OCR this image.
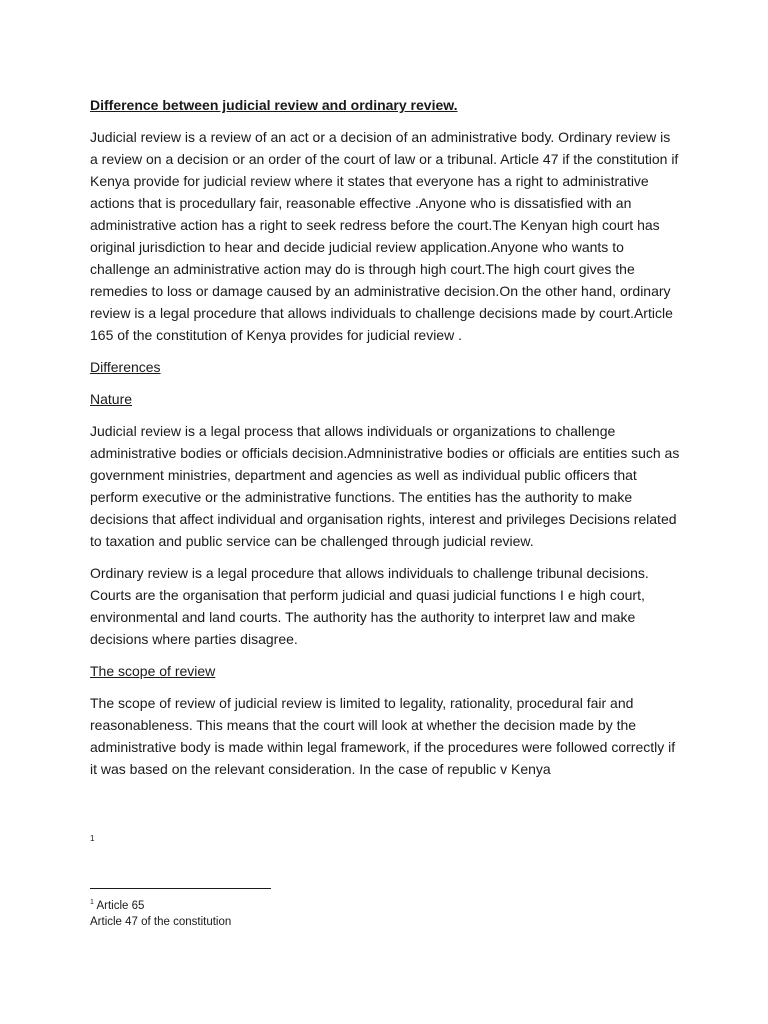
Difference between judicial review and ordinary review.

Judicial review is a review of an act or a decision of an administrative body. Ordinary review is a review on a decision or an order of the court of law or a tribunal. Article 47 if the constitution if Kenya provide for judicial review where it states that everyone has a right to administrative actions that is procedullary fair, reasonable effective .Anyone who is dissatisfied with an administrative action has a right to seek redress before the court.The Kenyan high court has original jurisdiction to hear and decide judicial review application.Anyone who wants to challenge an administrative action may do is through high court.The high court gives the remedies to loss or damage caused by an administrative decision.On the other hand, ordinary review is a legal procedure that allows individuals to challenge decisions made by court.Article 165 of the constitution of Kenya provides for judicial review .

Differences

Nature

Judicial review is a legal process that allows individuals or organizations to challenge administrative bodies or officials decision.Admninistrative bodies or officials are entities such as government ministries, department and agencies as well as individual public officers that perform executive or the administrative functions. The entities has the authority to make decisions that affect individual and organisation rights, interest and privileges Decisions related to taxation and public service can be challenged through judicial review.

Ordinary review is a legal procedure that allows individuals to challenge tribunal decisions. Courts are the organisation that perform judicial and quasi judicial functions I e high court, environmental and land courts. The authority has the authority to interpret law and make decisions where parties disagree.

The scope of review

The scope of review of judicial review is limited to legality, rationality, procedural fair and reasonableness. This means that the court will look at whether the decision made by the administrative body is made within legal framework, if the procedures were followed correctly if it was based on the relevant consideration. In the case of republic v Kenya

1
$^1$ Article 65
Article 47 of the constitution
